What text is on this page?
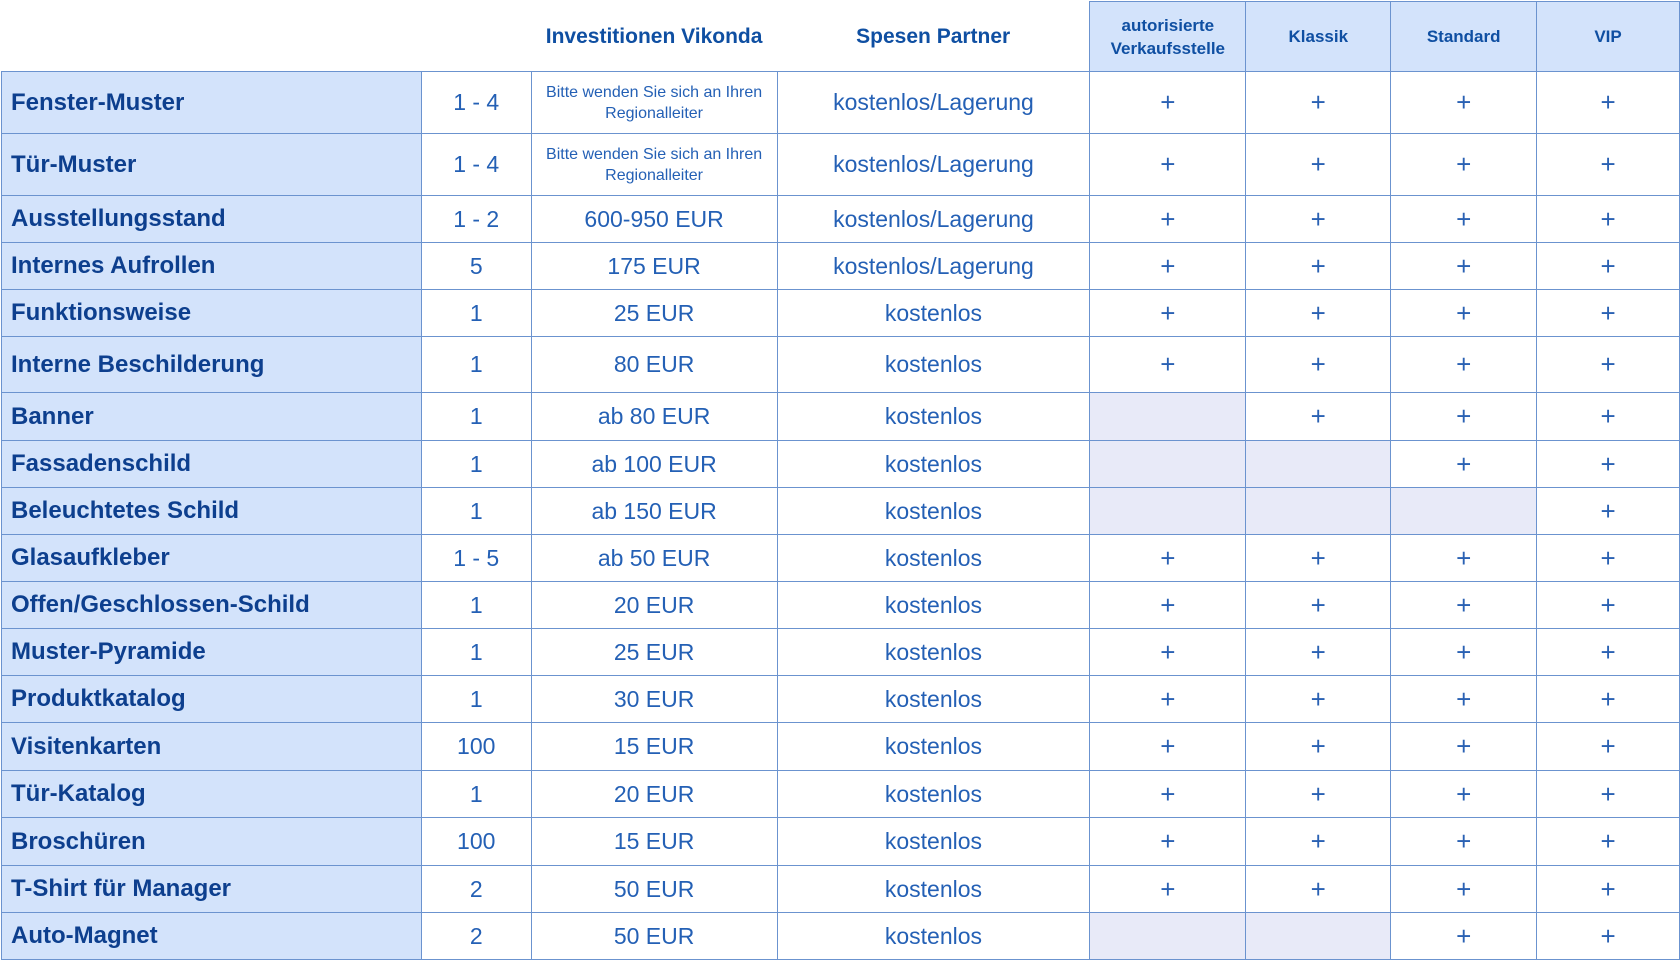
		Investitionen Vikonda	Spesen Partner	autorisierte Verkaufsstelle	Klassik	Standard	VIP
Fenster-Muster	1 - 4	Bitte wenden Sie sich an Ihren Regionalleiter	kostenlos/Lagerung	+	+	+	+
Tür-Muster	1 - 4	Bitte wenden Sie sich an Ihren Regionalleiter	kostenlos/Lagerung	+	+	+	+
Ausstellungsstand	1 - 2	600-950 EUR	kostenlos/Lagerung	+	+	+	+
Internes Aufrollen	5	175 EUR	kostenlos/Lagerung	+	+	+	+
Funktionsweise	1	25 EUR	kostenlos	+	+	+	+
Interne Beschilderung	1	80 EUR	kostenlos	+	+	+	+
Banner	1	ab 80 EUR	kostenlos		+	+	+
Fassadenschild	1	ab 100 EUR	kostenlos			+	+
Beleuchtetes Schild	1	ab 150 EUR	kostenlos				+
Glasaufkleber	1 - 5	ab 50 EUR	kostenlos	+	+	+	+
Offen/Geschlossen-Schild	1	20 EUR	kostenlos	+	+	+	+
Muster-Pyramide	1	25 EUR	kostenlos	+	+	+	+
Produktkatalog	1	30 EUR	kostenlos	+	+	+	+
Visitenkarten	100	15 EUR	kostenlos	+	+	+	+
Tür-Katalog	1	20 EUR	kostenlos	+	+	+	+
Broschüren	100	15 EUR	kostenlos	+	+	+	+
T-Shirt für Manager	2	50 EUR	kostenlos	+	+	+	+
Auto-Magnet	2	50 EUR	kostenlos			+	+
